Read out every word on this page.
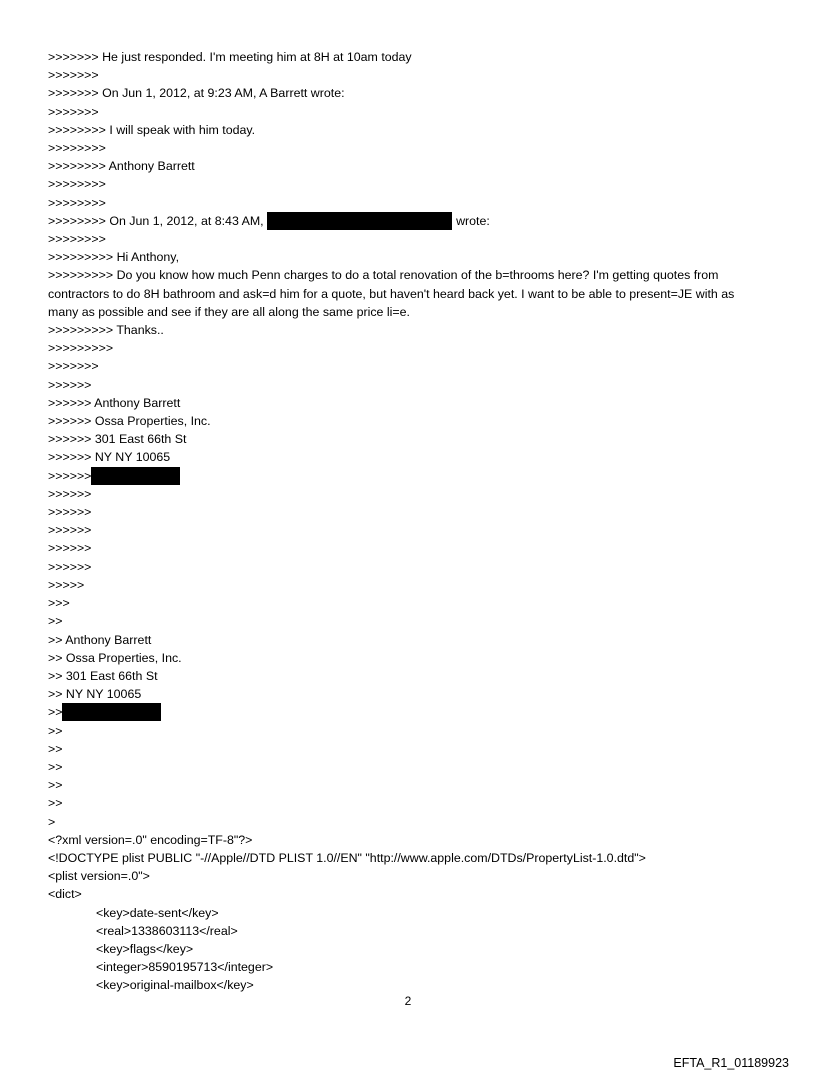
>>>>>>> He just responded. I'm meeting him at 8H at 10am today
>>>>>>>
>>>>>>> On Jun 1, 2012, at 9:23 AM, A Barrett wrote:
>>>>>>>
>>>>>>>> I will speak with him today.
>>>>>>>>
>>>>>>>> Anthony Barrett
>>>>>>>>
>>>>>>>>
>>>>>>>> On Jun 1, 2012, at 8:43 AM,	wrote:
>>>>>>>>
>>>>>>>>> Hi Anthony,
>>>>>>>>> Do you know how much Penn charges to do a total renovation of the b=throoms here? I'm getting quotes from contractors to do 8H bathroom and ask=d him for a quote, but haven't heard back yet. I want to be able to present=JE with as many as possible and see if they are all along the same price li=e.
>>>>>>>>> Thanks..
>>>>>>>>>
>>>>>>>
>>>>>>
>>>>>> Anthony Barrett
>>>>>> Ossa Properties, Inc.
>>>>>> 301 East 66th St
>>>>>> NY NY 10065
>>>>>>
>>>>>>
>>>>>>
>>>>>>
>>>>>>
>>>>>>
>>>>>
>>>
>>
>> Anthony Barrett
>> Ossa Properties, Inc.
>> 301 East 66th St
>> NY NY 10065
>>
>>
>>
>>
>>
>>
>
<?xml version=.0" encoding=TF-8"?>
<!DOCTYPE plist PUBLIC "-//Apple//DTD PLIST 1.0//EN" "http://www.apple.com/DTDs/PropertyList-1.0.dtd">
<plist version=.0">
<dict>
<key>date-sent</key>
<real>1338603113</real>
<key>flags</key>
<integer>8590195713</integer>
<key>original-mailbox</key>
2
EFTA_R1_01189923
